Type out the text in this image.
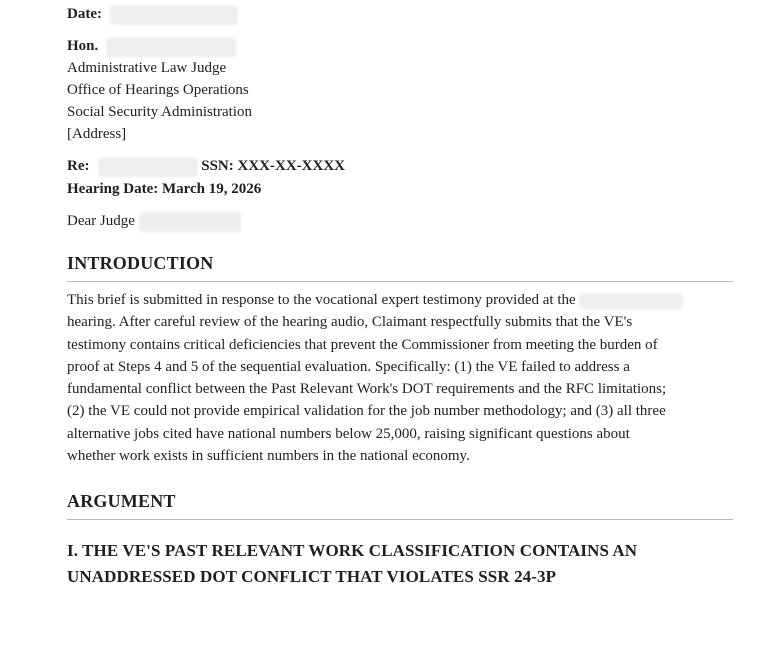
Date:
Hon.
Administrative Law Judge
Office of Hearings Operations
Social Security Administration
[Address]
Re:	SSN: XXX-XX-XXXX
Hearing Date: March 19, 2026
Dear Judge
INTRODUCTION
This brief is submitted in response to the vocational expert testimony provided at the
hearing. After careful review of the hearing audio, Claimant respectfully submits that the VE's
testimony contains critical deficiencies that prevent the Commissioner from meeting the burden of
proof at Steps 4 and 5 of the sequential evaluation. Specifically: (1) the VE failed to address a
fundamental conflict between the Past Relevant Work's DOT requirements and the RFC limitations;
(2) the VE could not provide empirical validation for the job number methodology; and (3) all three
alternative jobs cited have national numbers below 25,000, raising significant questions about
whether work exists in sufficient numbers in the national economy.
ARGUMENT
I. THE VE'S PAST RELEVANT WORK CLASSIFICATION CONTAINS AN
UNADDRESSED DOT CONFLICT THAT VIOLATES SSR 24-3P
